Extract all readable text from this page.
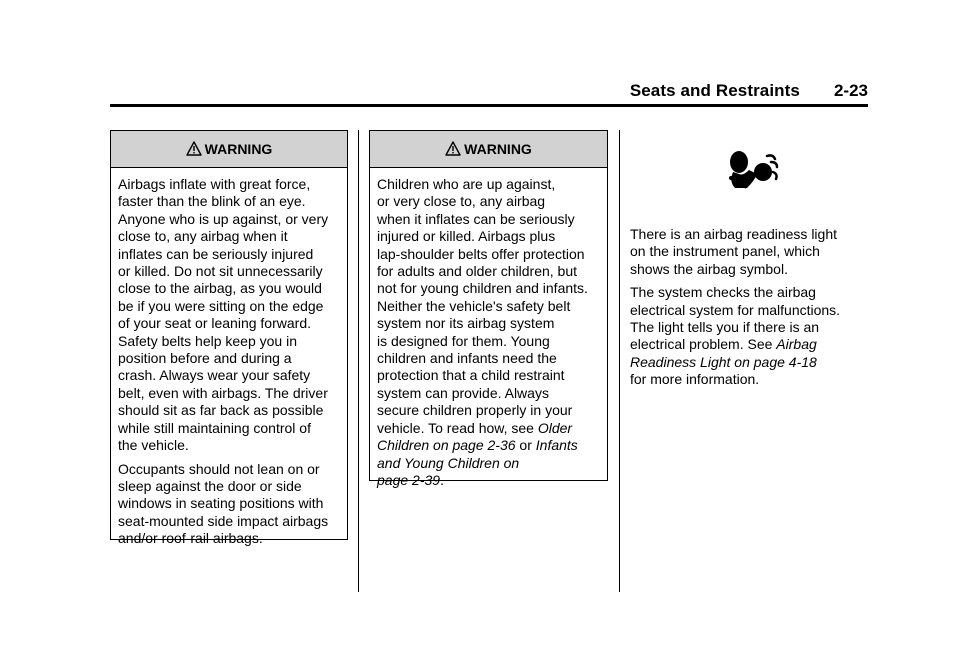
Seats and Restraints 2-23
WARNING

Airbags inflate with great force,
faster than the blink of an eye.
Anyone who is up against, or very
close to, any airbag when it
inflates can be seriously injured
or killed. Do not sit unnecessarily
close to the airbag, as you would
be if you were sitting on the edge
of your seat or leaning forward.
Safety belts help keep you in
position before and during a
crash. Always wear your safety
belt, even with airbags. The driver
should sit as far back as possible
while still maintaining control of
the vehicle.

Occupants should not lean on or
sleep against the door or side
windows in seating positions with
seat-mounted side impact airbags
and/or roof-rail airbags.

WARNING

Children who are up against,
or very close to, any airbag
when it inflates can be seriously
injured or killed. Airbags plus
lap-shoulder belts offer protection
for adults and older children, but
not for young children and infants.
Neither the vehicle's safety belt
system nor its airbag system
is designed for them. Young
children and infants need the
protection that a child restraint
system can provide. Always
secure children properly in your
vehicle. To read how, see Older
Children on page 2-36 or Infants
and Young Children on
page 2-39.

There is an airbag readiness light
on the instrument panel, which
shows the airbag symbol.

The system checks the airbag
electrical system for malfunctions.
The light tells you if there is an
electrical problem. See Airbag
Readiness Light on page 4-18
for more information.
